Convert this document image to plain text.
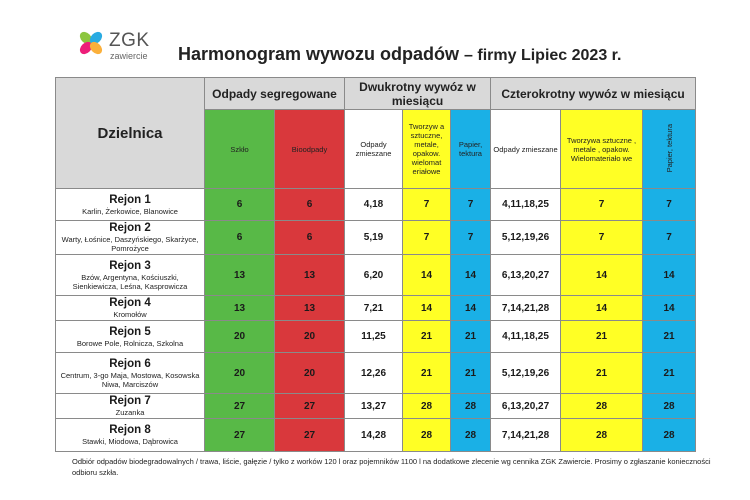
ZGK
zawiercie Harmonogram wywozu odpadów – firmy Lipiec 2023 r.
Dzielnica	Odpady segregowane		Dwukrotny wywóz w miesiącu			Czterokrotny wywóz w miesiącu		
	Szkło	Bioodpady	Odpady zmieszane	Tworzyw a sztuczne, metale, opakow. wielomat eriałowe	Papier, tektura	Odpady zmieszane	Tworzywa sztuczne , metale , opakow. Wielomateriało we	Papier, tektura

Rejon 1
Karlin, Żerkowice, Blanowice	6	6	4,18	7	7	4,11,18,25	7	7

Rejon 2
Warty, Łośnice, Daszyńskiego, Skarżyce, Pomrożyce	6	6	5,19	7	7	5,12,19,26	7	7

Rejon 3
Bzów, Argentyna, Kościuszki, Sienkiewicza, Leśna, Kasprowicza	13	13	6,20	14	14	6,13,20,27	14	14

Rejon 4
Kromołów	13	13	7,21	14	14	7,14,21,28	14	14

Rejon 5
Borowe Pole, Rolnicza, Szkolna	20	20	11,25	21	21	4,11,18,25	21	21

Rejon 6
Centrum, 3-go Maja, Mostowa, Kosowska Niwa, Marciszów	20	20	12,26	21	21	5,12,19,26	21	21

Rejon 7
Zuzanka	27	27	13,27	28	28	6,13,20,27	28	28

Rejon 8
Stawki, Miodowa, Dąbrowica	27	27	14,28	28	28	7,14,21,28	28	28
Odbiór odpadów biodegradowalnych / trawa, liście, gałęzie / tylko z worków 120 l oraz pojemników 1100 l na dodatkowe zlecenie wg cennika ZGK Zawiercie. Prosimy o zgłaszanie konieczności odbioru szkła.
